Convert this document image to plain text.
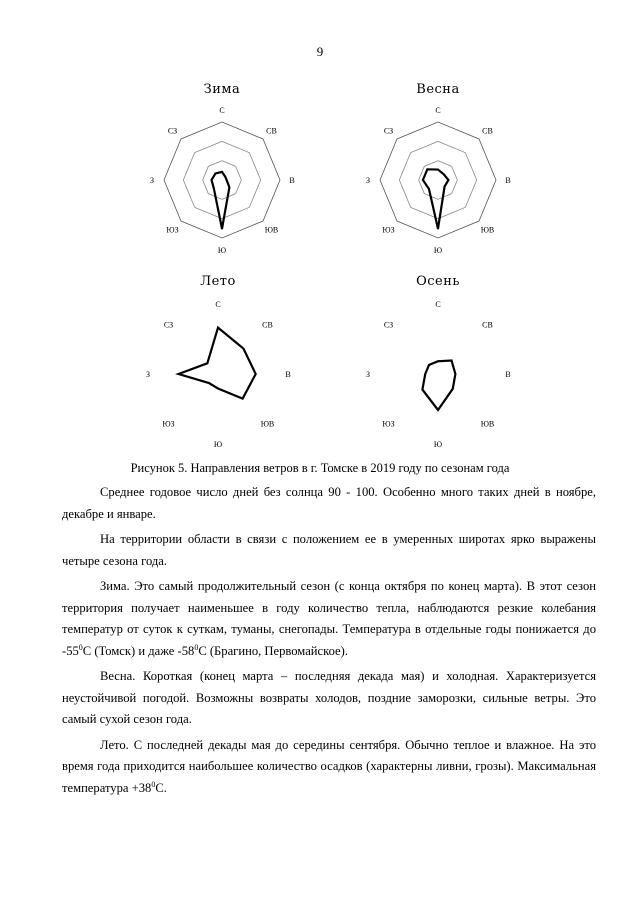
9
Зима	Весна
Лето	Осень
С
СВ
В
ЮВ
Ю
ЮЗ
З
СЗ
С
СВ
В
ЮВ
Ю
ЮЗ
З
СЗ
С
СВ
В
ЮВ
Ю
ЮЗ
З
СЗ
С
СВ
В
ЮВ
Ю
ЮЗ
З
СЗ
Рисунок 5. Направления ветров в г. Томске в 2019 году по сезонам года

Среднее годовое число дней без солнца 90 - 100. Особенно много таких дней в ноябре, декабре и январе.

На территории области в связи с положением ее в умеренных широтах ярко выражены четыре сезона года.

Зима. Это самый продолжительный сезон (с конца октября по конец марта). В этот сезон территория получает наименьшее в году количество тепла, наблюдаются резкие колебания температур от суток к суткам, туманы, снегопады. Температура в отдельные годы понижается до $-55^0С$ (Томск) и даже $-58^0С$ (Брагино, Первомайское).

Весна. Короткая (конец марта – последняя декада мая) и холодная. Характеризуется неустойчивой погодой. Возможны возвраты холодов, поздние заморозки, сильные ветры. Это самый сухой сезон года.

Лето. С последней декады мая до середины сентября. Обычно теплое и влажное. На это время года приходится наибольшее количество осадков (характерны ливни, грозы). Максимальная температура $+38^0С$.
